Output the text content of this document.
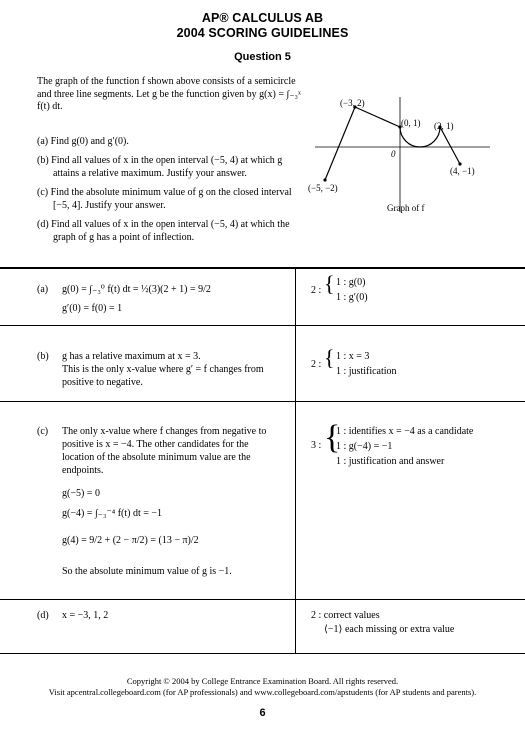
AP® CALCULUS AB
2004 SCORING GUIDELINES
Question 5
The graph of the function f shown above consists of a semicircle and three line segments. Let g be the function given by g(x) = ∫₋₃ˣ f(t) dt.
(a) Find g(0) and g′(0).
(b) Find all values of x in the open interval (−5, 4) at which g attains a relative maximum. Justify your answer.
(c) Find the absolute minimum value of g on the closed interval [−5, 4]. Justify your answer.
(d) Find all values of x in the open interval (−5, 4) at which the graph of g has a point of inflection.
(−3, 2)
(0, 1) (2, 1)
(4, −1)
(−5, −2)
0
Graph of f
(a) g(0) = ∫₋₃⁰ f(t) dt = ½(3)(2 + 1) = 9/2
g′(0) = f(0) = 1
2 : { 1 : g(0)
1 : g′(0)
(b) g has a relative maximum at x = 3.
This is the only x-value where g′ = f changes from
positive to negative.
2 : { 1 : x = 3
1 : justification
(c) The only x-value where f changes from negative to
positive is x = −4. The other candidates for the
location of the absolute minimum value are the
endpoints.
g(−5) = 0
g(−4) = ∫₋₃⁻⁴ f(t) dt = −1
g(4) = 9/2 + (2 − π/2) = (13 − π)/2
So the absolute minimum value of g is −1.
3 : {
1 : identifies x = −4 as a candidate
1 : g(−4) = −1
1 : justification and answer
(d) x = −3, 1, 2	2 : correct values
⟨−1⟩ each missing or extra value
Copyright © 2004 by College Entrance Examination Board. All rights reserved.
Visit apcentral.collegeboard.com (for AP professionals) and www.collegeboard.com/apstudents (for AP students and parents).
6
